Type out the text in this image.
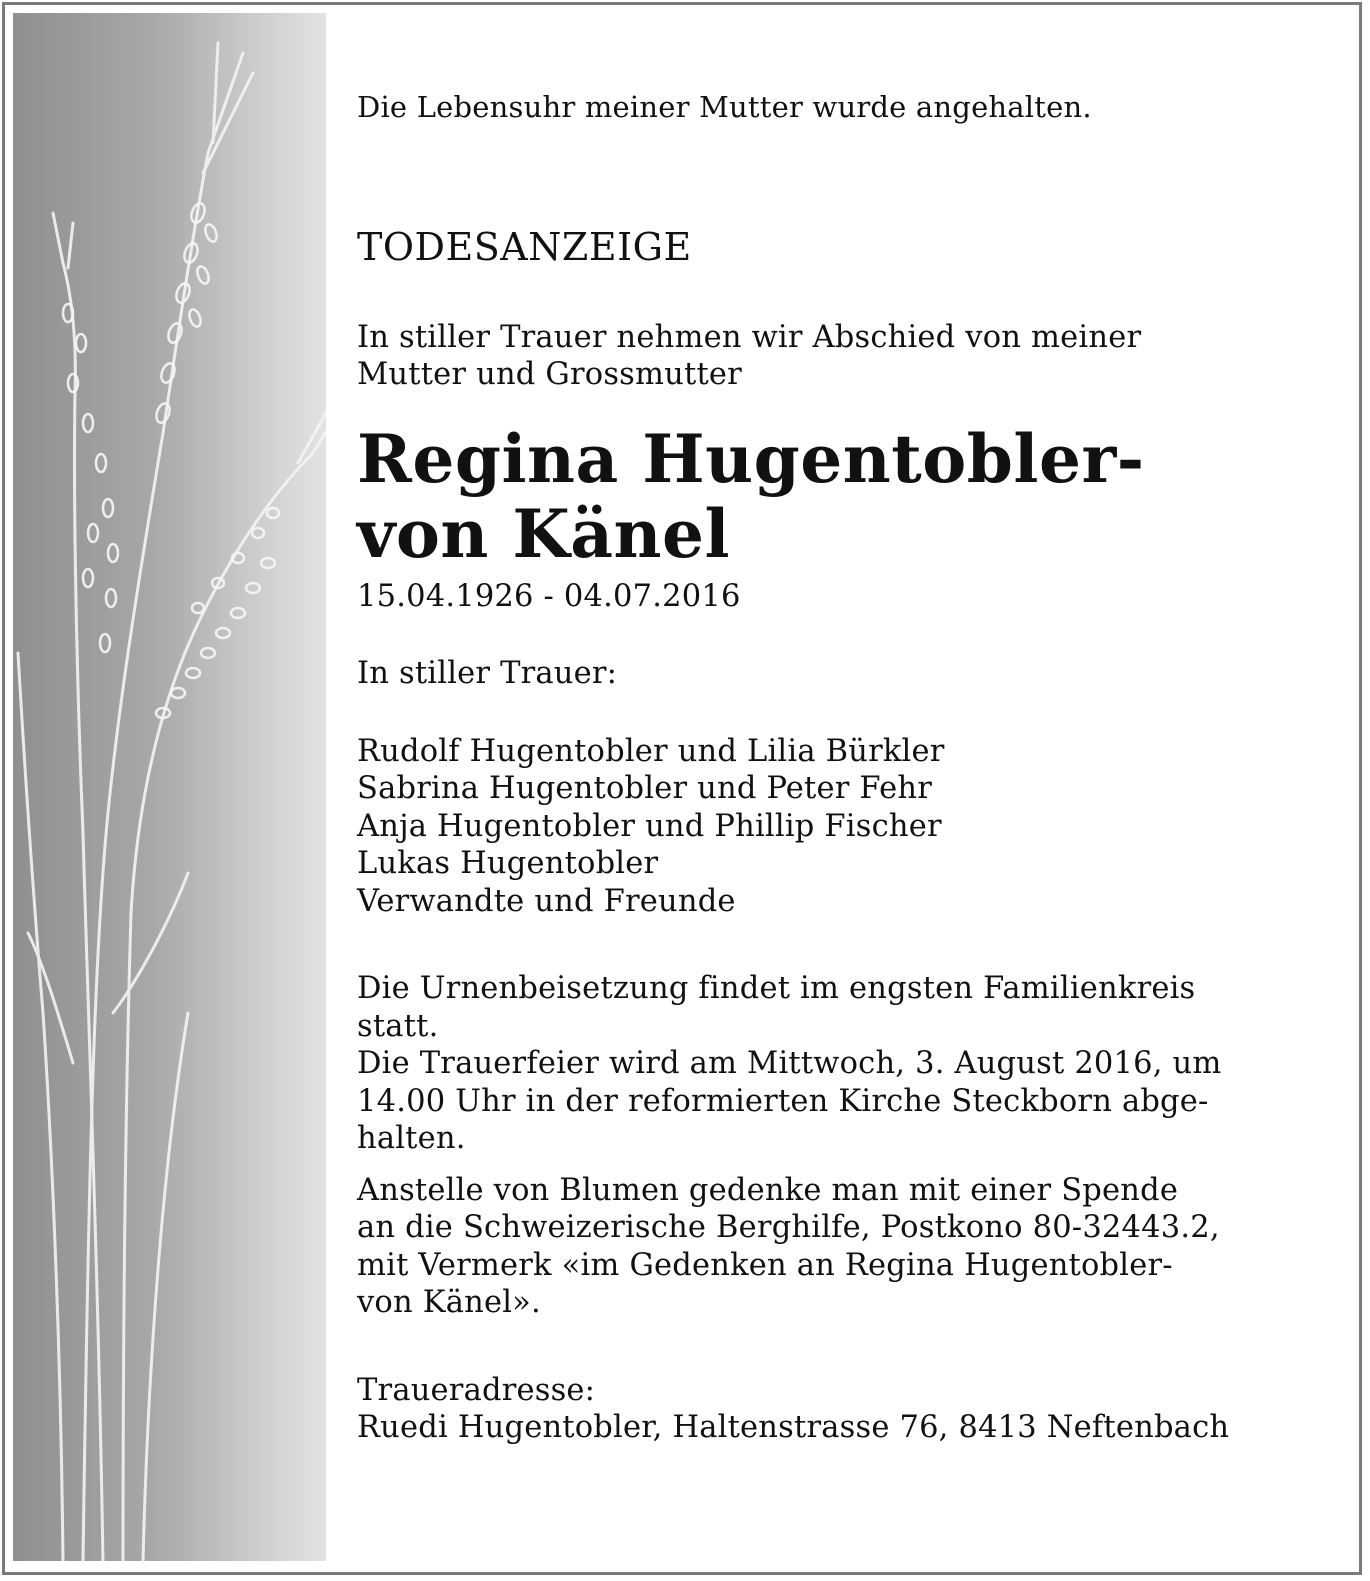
Die Lebensuhr meiner Mutter wurde angehalten.

TODESANZEIGE

In stiller Trauer nehmen wir Abschied von meiner

Mutter und Grossmutter

Regina Hugentobler-
von Känel

15.04.1926 - 04.07.2016

In stiller Trauer:

Rudolf Hugentobler und Lilia Bürkler
Sabrina Hugentobler und Peter Fehr
Anja Hugentobler und Phillip Fischer
Lukas Hugentobler
Verwandte und Freunde
Die Urnenbeisetzung findet im engsten Familienkreis
statt.
Die Trauerfeier wird am Mittwoch, 3. August 2016, um
14.00 Uhr in der reformierten Kirche Steckborn abge-
halten.
Anstelle von Blumen gedenke man mit einer Spende
an die Schweizerische Berghilfe, Postkono 80-32443.2,
mit Vermerk «im Gedenken an Regina Hugentobler-
von Känel».

Traueradresse:

Ruedi Hugentobler, Haltenstrasse 76, 8413 Neftenbach
